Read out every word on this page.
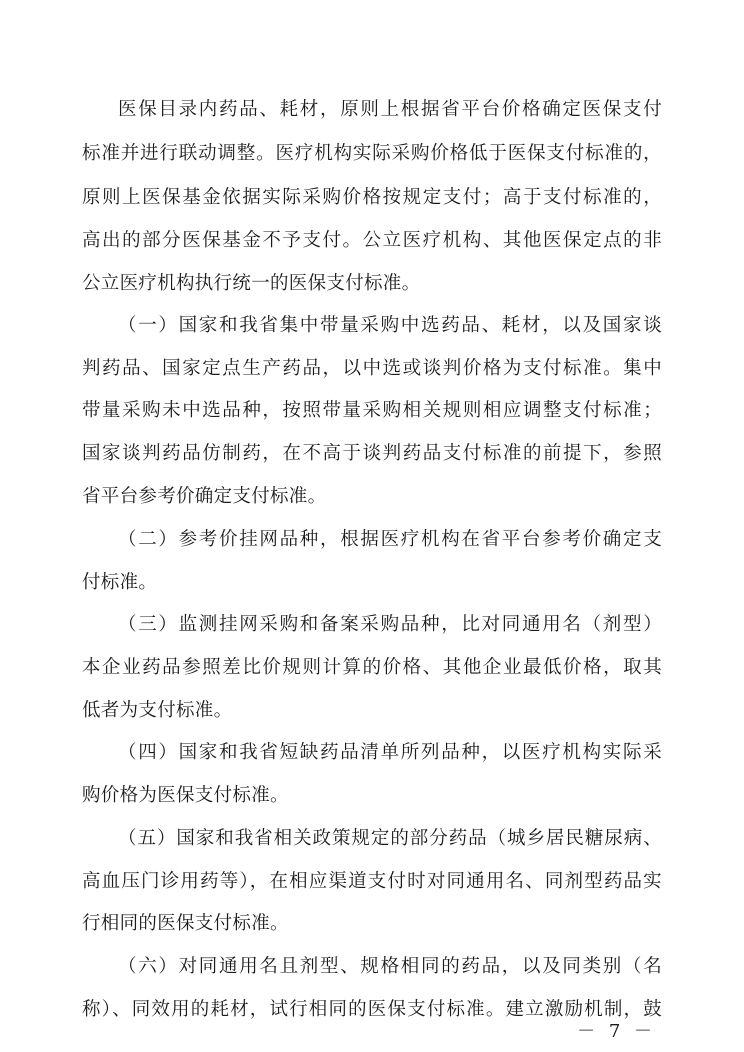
医保目录内药品、耗材，原则上根据省平台价格确定医保支付
标准并进行联动调整。医疗机构实际采购价格低于医保支付标准的，
原则上医保基金依据实际采购价格按规定支付；高于支付标准的，
高出的部分医保基金不予支付。公立医疗机构、其他医保定点的非
公立医疗机构执行统一的医保支付标准。
（一）国家和我省集中带量采购中选药品、耗材，以及国家谈
判药品、国家定点生产药品，以中选或谈判价格为支付标准。集中
带量采购未中选品种，按照带量采购相关规则相应调整支付标准；
国家谈判药品仿制药，在不高于谈判药品支付标准的前提下，参照
省平台参考价确定支付标准。
（二）参考价挂网品种，根据医疗机构在省平台参考价确定支
付标准。
（三）监测挂网采购和备案采购品种，比对同通用名（剂型）
本企业药品参照差比价规则计算的价格、其他企业最低价格，取其
低者为支付标准。
（四）国家和我省短缺药品清单所列品种，以医疗机构实际采
购价格为医保支付标准。
（五）国家和我省相关政策规定的部分药品（城乡居民糖尿病、
高血压门诊用药等），在相应渠道支付时对同通用名、同剂型药品实
行相同的医保支付标准。
（六）对同通用名且剂型、规格相同的药品，以及同类别（名
称）、同效用的耗材，试行相同的医保支付标准。建立激励机制，鼓
－ 7 －
